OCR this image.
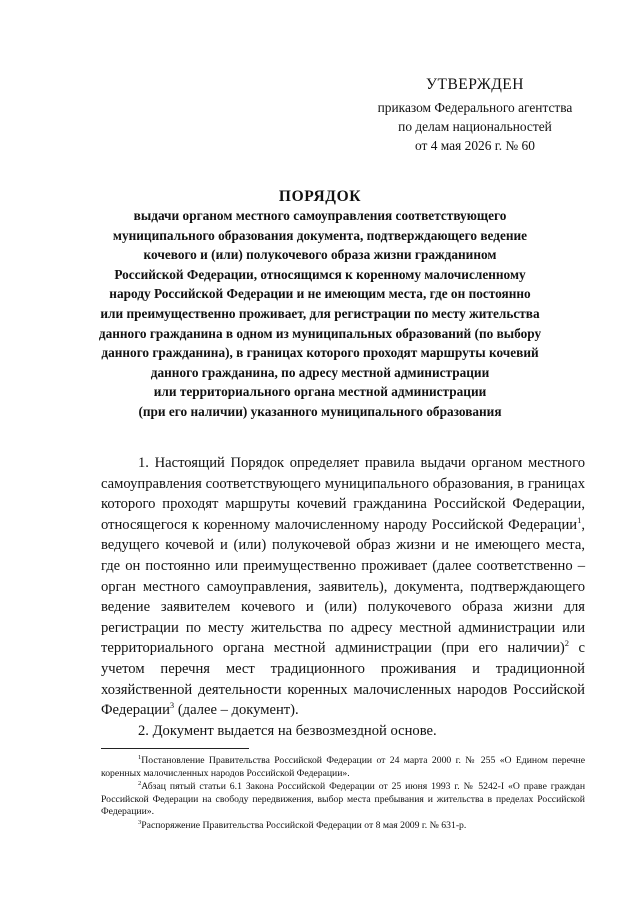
УТВЕРЖДЕН
приказом Федерального агентства
по делам национальностей
от 4 мая 2026 г. № 60
ПОРЯДОК
выдачи органом местного самоуправления соответствующего
муниципального образования документа, подтверждающего ведение
кочевого и (или) полукочевого образа жизни гражданином
Российской Федерации, относящимся к коренному малочисленному
народу Российской Федерации и не имеющим места, где он постоянно
или преимущественно проживает, для регистрации по месту жительства
данного гражданина в одном из муниципальных образований (по выбору
данного гражданина), в границах которого проходят маршруты кочевий
данного гражданина, по адресу местной администрации
или территориального органа местной администрации
(при его наличии) указанного муниципального образования

1. Настоящий Порядок определяет правила выдачи органом местного самоуправления соответствующего муниципального образования, в границах которого проходят маршруты кочевий гражданина Российской Федерации, относящегося к коренному малочисленному народу Российской Федерации$^1$, ведущего кочевой и (или) полукочевой образ жизни и не имеющего места, где он постоянно или преимущественно проживает (далее соответственно – орган местного самоуправления, заявитель), документа, подтверждающего ведение заявителем кочевого и (или) полукочевого образа жизни для регистрации по месту жительства по адресу местной администрации или территориального органа местной администрации (при его наличии)$^2$ с учетом перечня мест традиционного проживания и традиционной хозяйственной деятельности коренных малочисленных народов Российской Федерации$^3$ (далее – документ).

2. Документ выдается на безвозмездной основе.

$^1$Постановление Правительства Российской Федерации от 24 марта 2000 г. № 255 «О Едином перечне коренных малочисленных народов Российской Федерации».

$^2$Абзац пятый статьи 6.1 Закона Российской Федерации от 25 июня 1993 г. № 5242-I «О праве граждан Российской Федерации на свободу передвижения, выбор места пребывания и жительства в пределах Российской Федерации».

$^3$Распоряжение Правительства Российской Федерации от 8 мая 2009 г. № 631-р.
